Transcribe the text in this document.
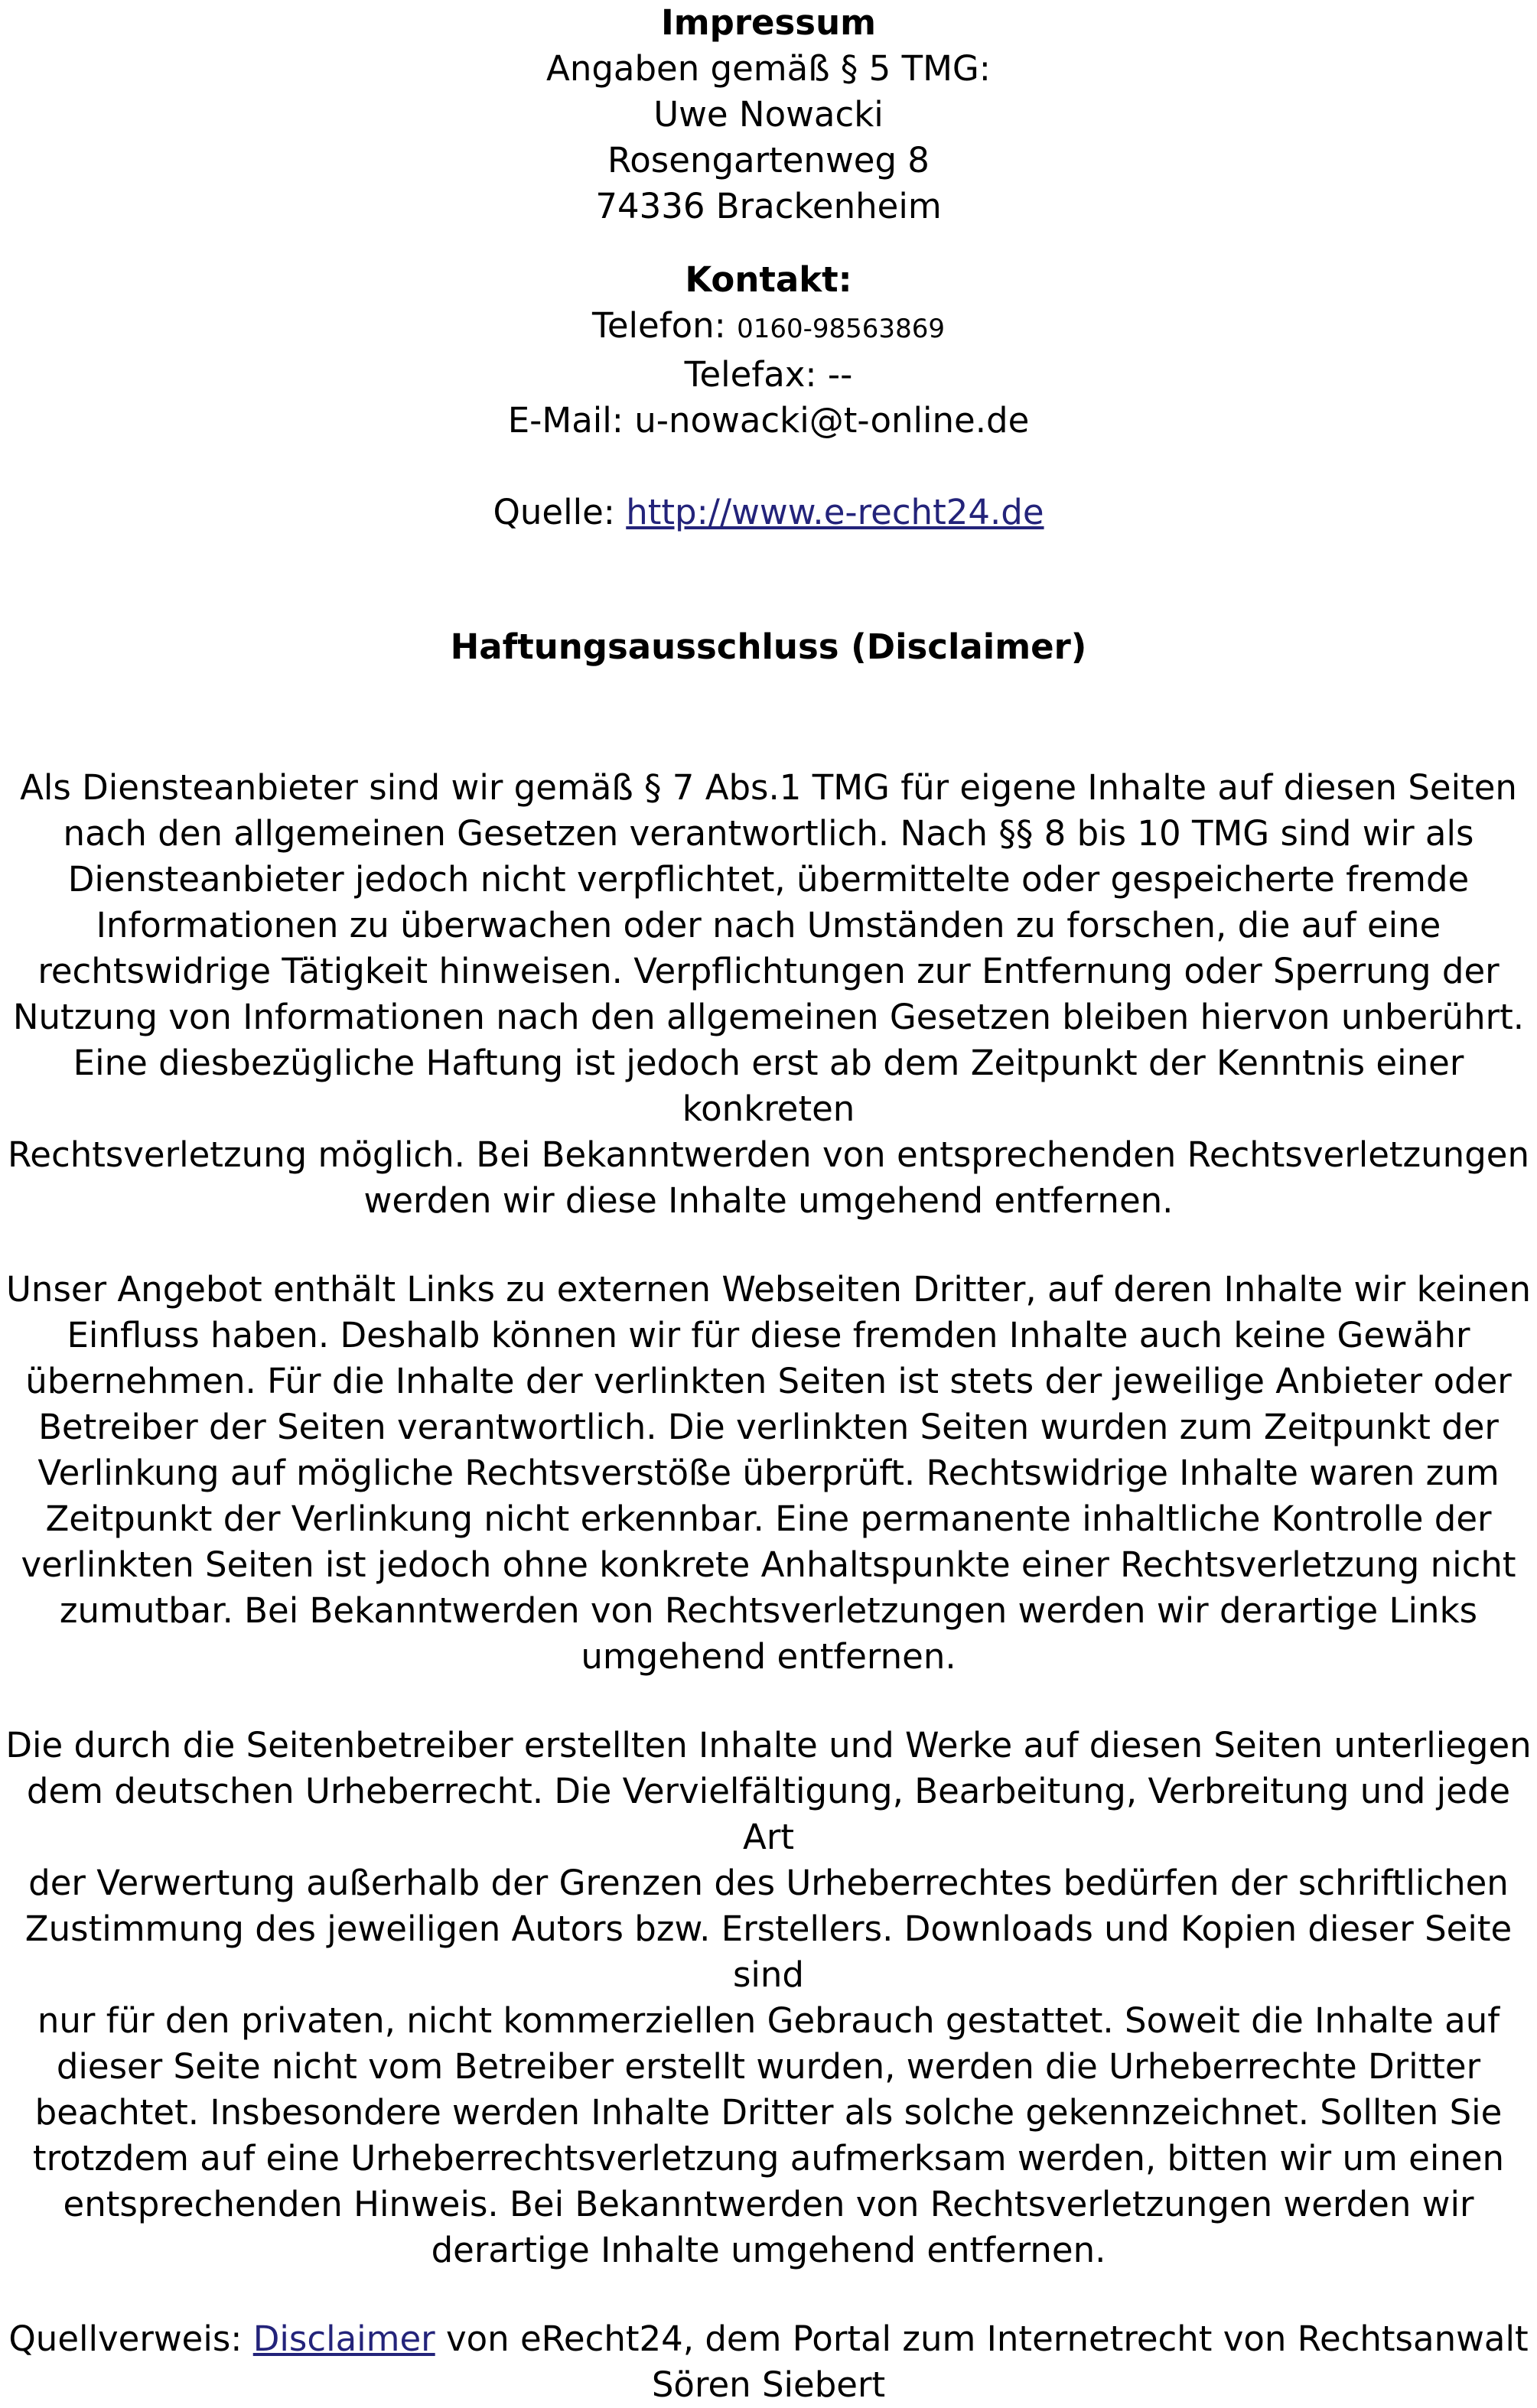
Impressum
Angaben gemäß § 5 TMG:
Uwe Nowacki
Rosengartenweg 8
74336 Brackenheim
Kontakt:
Telefon: 0160-98563869
Telefax: --
E-Mail: u-nowacki@t-online.de
Quelle: http://www.e-recht24.de
Haftungsausschluss (Disclaimer)
Als Diensteanbieter sind wir gemäß § 7 Abs.1 TMG für eigene Inhalte auf diesen Seiten
nach den allgemeinen Gesetzen verantwortlich. Nach §§ 8 bis 10 TMG sind wir als
Diensteanbieter jedoch nicht verpflichtet, übermittelte oder gespeicherte fremde
Informationen zu überwachen oder nach Umständen zu forschen, die auf eine
rechtswidrige Tätigkeit hinweisen. Verpflichtungen zur Entfernung oder Sperrung der
Nutzung von Informationen nach den allgemeinen Gesetzen bleiben hiervon unberührt.
Eine diesbezügliche Haftung ist jedoch erst ab dem Zeitpunkt der Kenntnis einer konkreten
Rechtsverletzung möglich. Bei Bekanntwerden von entsprechenden Rechtsverletzungen
werden wir diese Inhalte umgehend entfernen.
Unser Angebot enthält Links zu externen Webseiten Dritter, auf deren Inhalte wir keinen
Einfluss haben. Deshalb können wir für diese fremden Inhalte auch keine Gewähr
übernehmen. Für die Inhalte der verlinkten Seiten ist stets der jeweilige Anbieter oder
Betreiber der Seiten verantwortlich. Die verlinkten Seiten wurden zum Zeitpunkt der
Verlinkung auf mögliche Rechtsverstöße überprüft. Rechtswidrige Inhalte waren zum
Zeitpunkt der Verlinkung nicht erkennbar. Eine permanente inhaltliche Kontrolle der
verlinkten Seiten ist jedoch ohne konkrete Anhaltspunkte einer Rechtsverletzung nicht
zumutbar. Bei Bekanntwerden von Rechtsverletzungen werden wir derartige Links
umgehend entfernen.
Die durch die Seitenbetreiber erstellten Inhalte und Werke auf diesen Seiten unterliegen
dem deutschen Urheberrecht. Die Vervielfältigung, Bearbeitung, Verbreitung und jede Art
der Verwertung außerhalb der Grenzen des Urheberrechtes bedürfen der schriftlichen
Zustimmung des jeweiligen Autors bzw. Erstellers. Downloads und Kopien dieser Seite sind
nur für den privaten, nicht kommerziellen Gebrauch gestattet. Soweit die Inhalte auf
dieser Seite nicht vom Betreiber erstellt wurden, werden die Urheberrechte Dritter
beachtet. Insbesondere werden Inhalte Dritter als solche gekennzeichnet. Sollten Sie
trotzdem auf eine Urheberrechtsverletzung aufmerksam werden, bitten wir um einen
entsprechenden Hinweis. Bei Bekanntwerden von Rechtsverletzungen werden wir
derartige Inhalte umgehend entfernen.
Quellverweis: Disclaimer von eRecht24, dem Portal zum Internetrecht von Rechtsanwalt
Sören Siebert
